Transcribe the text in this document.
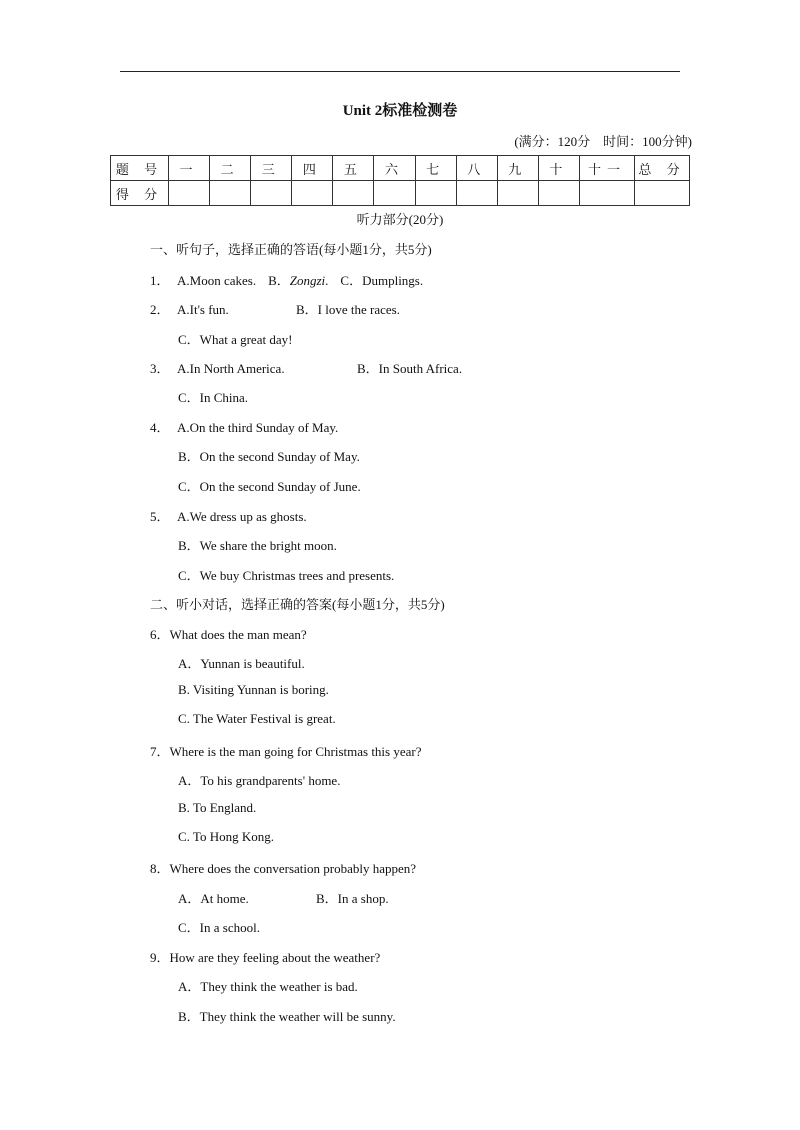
Unit 2标准检测卷
(满分：120分　时间：100分钟)
题 号	一	二	三	四	五	六	七	八	九	十	十一	总 分
得 分												
听力部分(20分)
一、听句子，选择正确的答语(每小题1分，共5分)
1． A.Moon cakes. B．Zongzi. C．Dumplings.
2． A.It's fun.	B．I love the races.
C．What a great day!
3． A.In North America.	B．In South Africa.
C．In China.
4． A.On the third Sunday of May.
B．On the second Sunday of May.
C．On the second Sunday of June.
5． A.We dress up as ghosts.
B．We share the bright moon.
C．We buy Christmas trees and presents.
二、听小对话，选择正确的答案(每小题1分，共5分)
6．What does the man mean?
A．Yunnan is beautiful.
B. Visiting Yunnan is boring.
C. The Water Festival is great.
7．Where is the man going for Christmas this year?
A．To his grandparents' home.
B. To England.
C. To Hong Kong.
8．Where does the conversation probably happen?
A．At home.	B．In a shop.
C．In a school.
9．How are they feeling about the weather?
A．They think the weather is bad.
B．They think the weather will be sunny.
